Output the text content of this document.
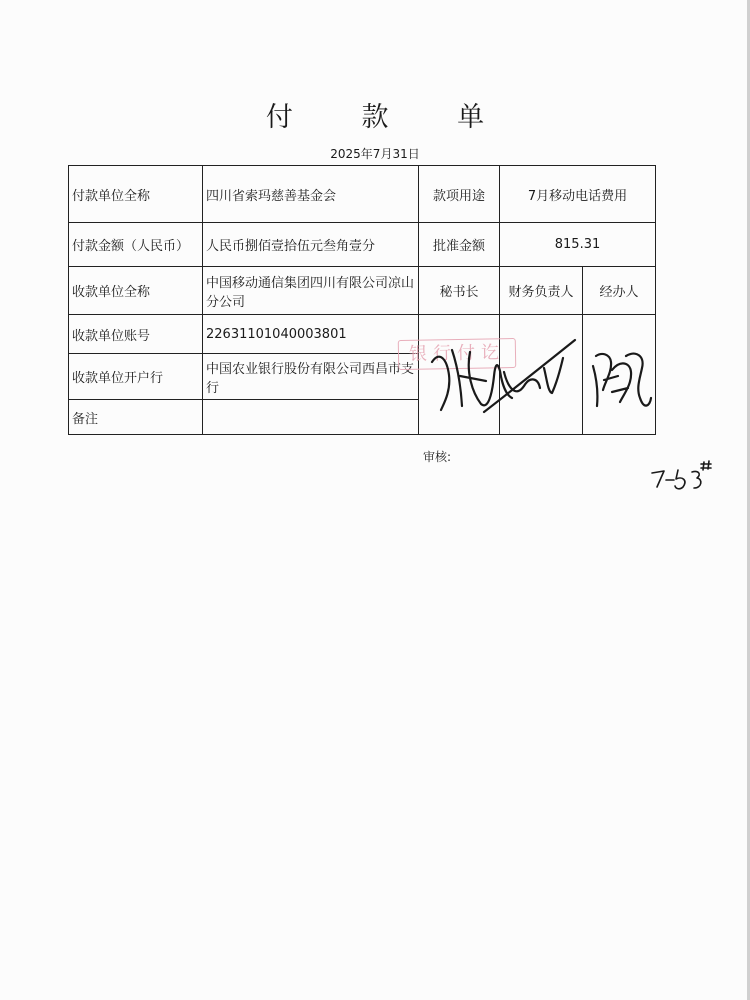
付 款 单
2025年7月31日
付款单位全称	四川省索玛慈善基金会	款项用途	7月移动电话费用	
付款金额（人民币）	人民币捌佰壹拾伍元叁角壹分	批准金额	815.31	
收款单位全称	中国移动通信集团四川有限公司凉山分公司	秘书长	财务负责人	经办人
收款单位账号	22631101040003801			
收款单位开户行	中国农业银行股份有限公司西昌市支行			
备注				
银行付讫
审核:
